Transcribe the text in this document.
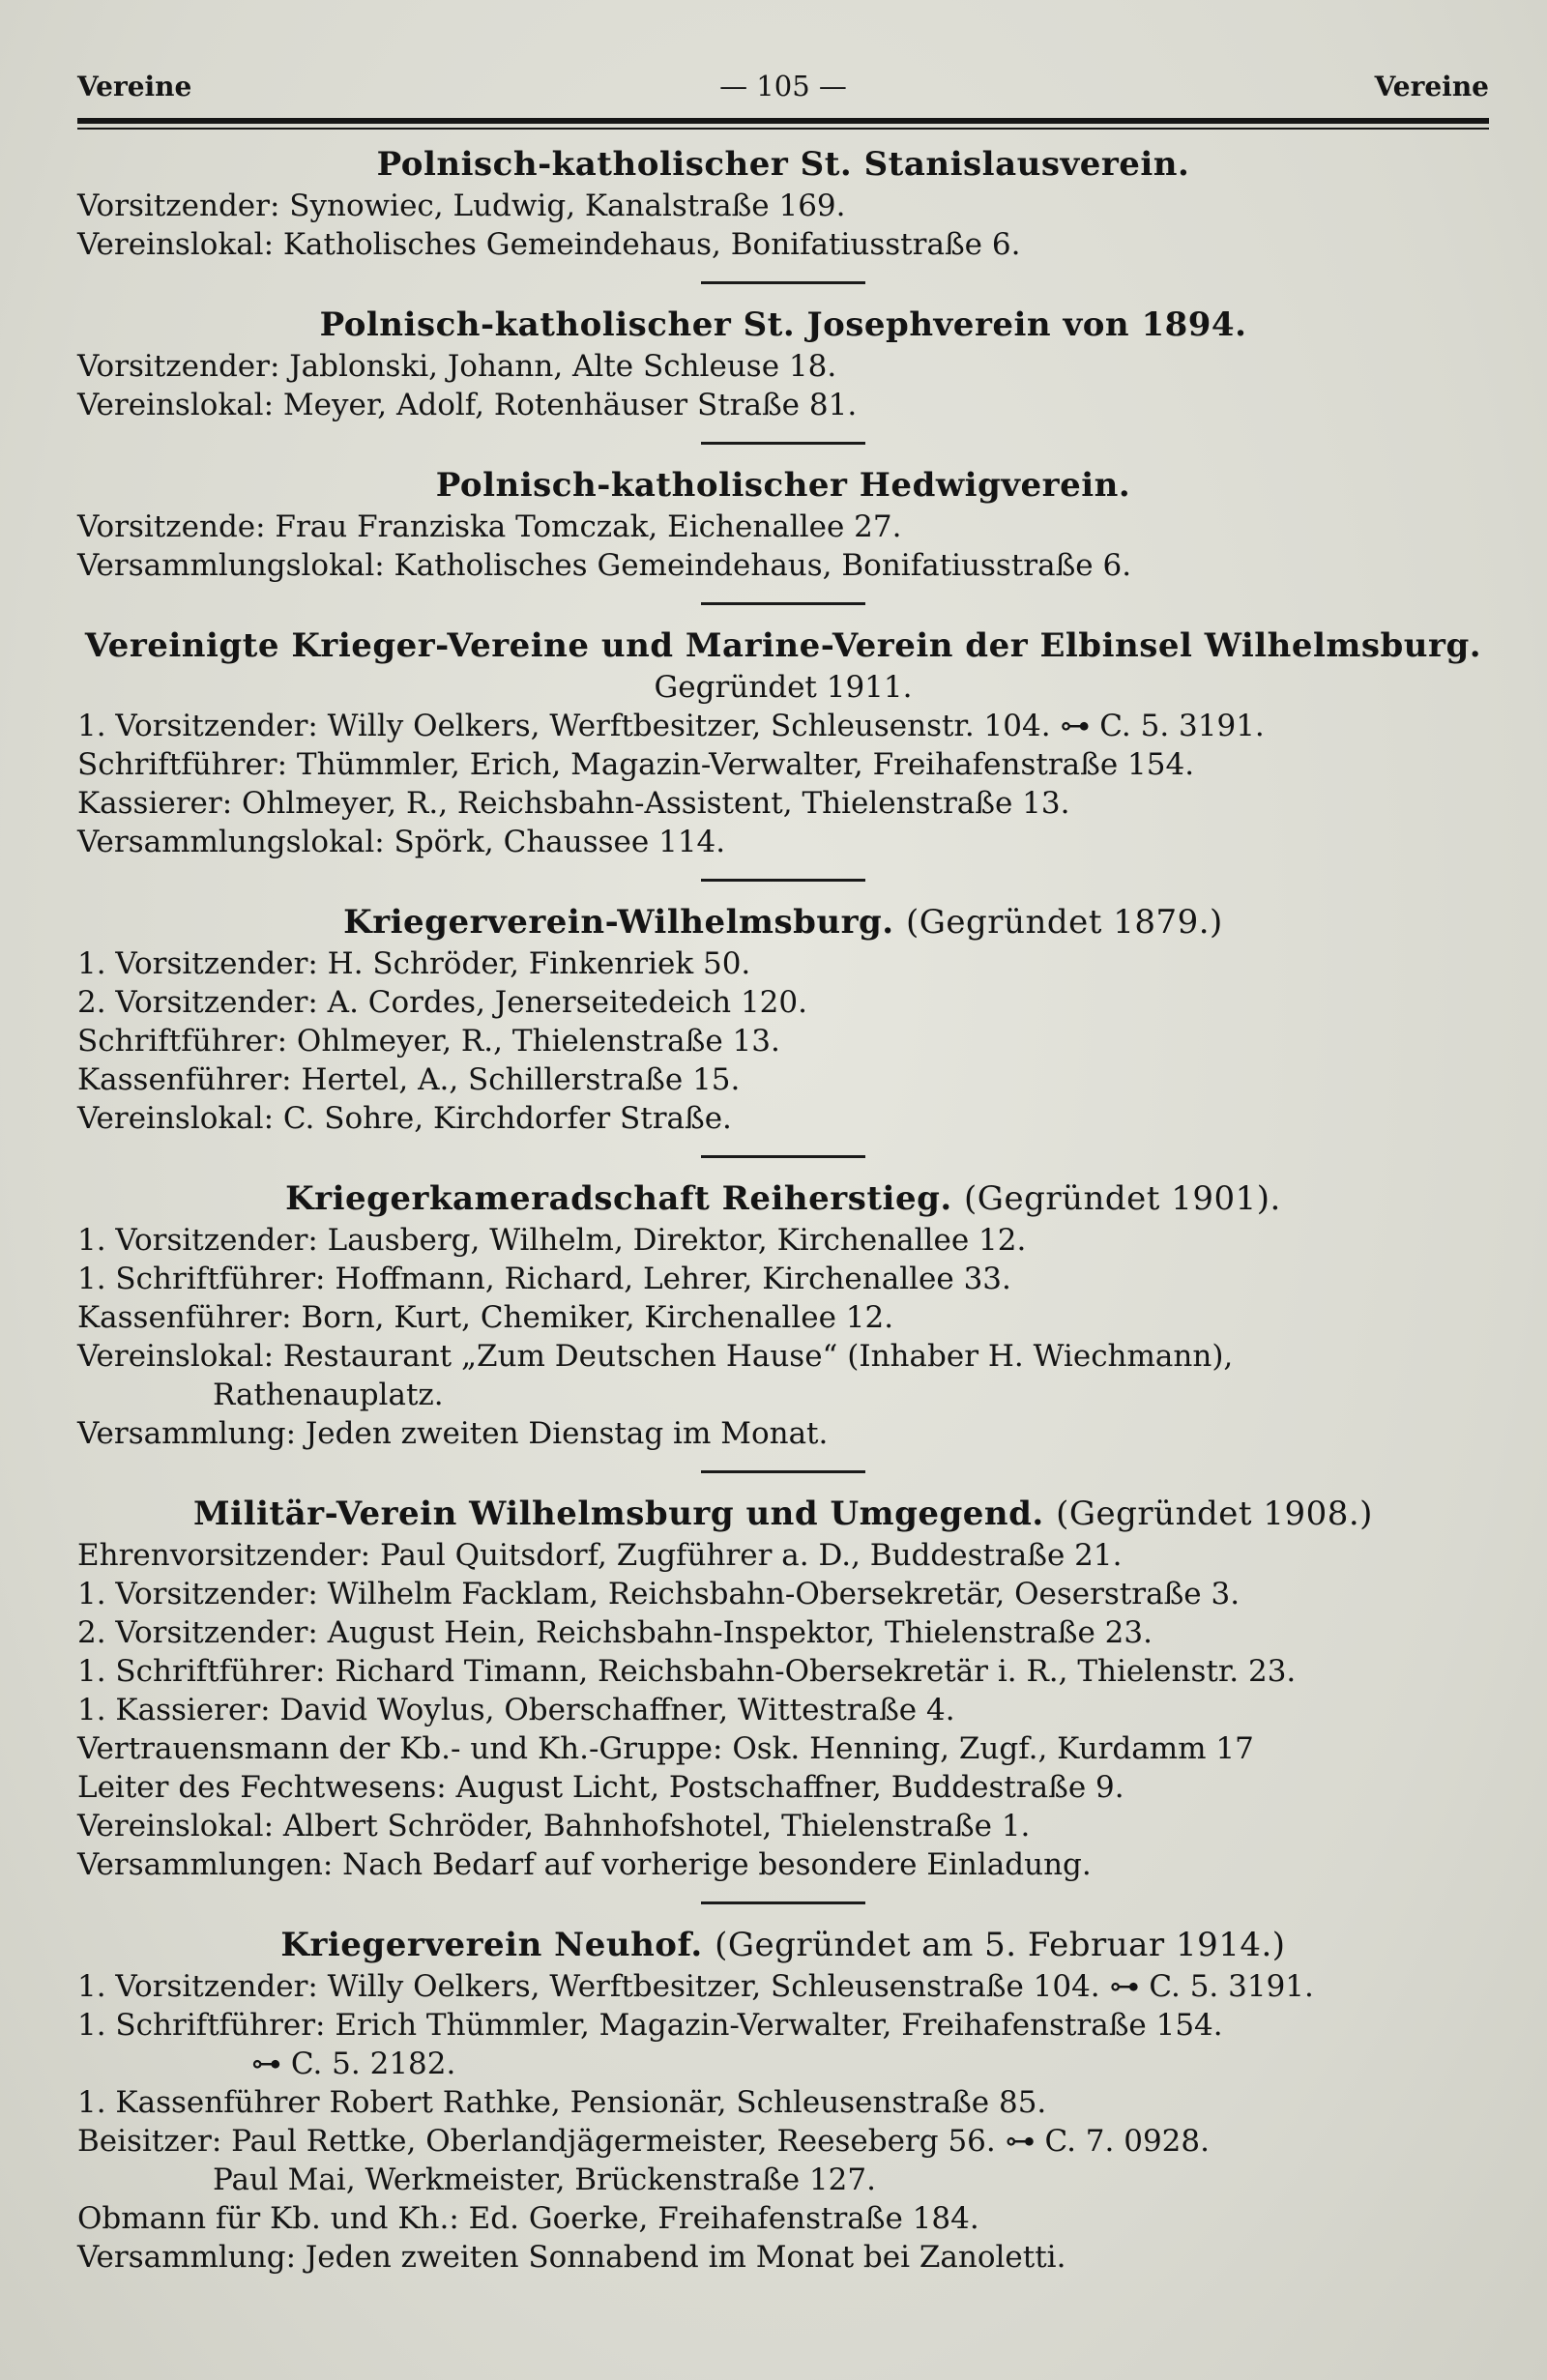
Vereine	— 105 —	Vereine
Polnisch-katholischer St. Stanislausverein.
Vorsitzender: Synowiec, Ludwig, Kanalstraße 169.
Vereinslokal: Katholisches Gemeindehaus, Bonifatiusstraße 6.
Polnisch-katholischer St. Josephverein von 1894.
Vorsitzender: Jablonski, Johann, Alte Schleuse 18.
Vereinslokal: Meyer, Adolf, Rotenhäuser Straße 81.
Polnisch-katholischer Hedwigverein.
Vorsitzende: Frau Franziska Tomczak, Eichenallee 27.
Versammlungslokal: Katholisches Gemeindehaus, Bonifatiusstraße 6.
Vereinigte Krieger-Vereine und Marine-Verein der Elbinsel Wilhelmsburg.
Gegründet 1911.
1. Vorsitzender: Willy Oelkers, Werftbesitzer, Schleusenstr. 104. ⊶ C. 5. 3191.
Schriftführer: Thümmler, Erich, Magazin-Verwalter, Freihafenstraße 154.
Kassierer: Ohlmeyer, R., Reichsbahn-Assistent, Thielenstraße 13.
Versammlungslokal: Spörk, Chaussee 114.
Kriegerverein-Wilhelmsburg. (Gegründet 1879.)
1. Vorsitzender: H. Schröder, Finkenriek 50.
2. Vorsitzender: A. Cordes, Jenerseitedeich 120.
Schriftführer: Ohlmeyer, R., Thielenstraße 13.
Kassenführer: Hertel, A., Schillerstraße 15.
Vereinslokal: C. Sohre, Kirchdorfer Straße.
Kriegerkameradschaft Reiherstieg. (Gegründet 1901).
1. Vorsitzender: Lausberg, Wilhelm, Direktor, Kirchenallee 12.
1. Schriftführer: Hoffmann, Richard, Lehrer, Kirchenallee 33.
Kassenführer: Born, Kurt, Chemiker, Kirchenallee 12.
Vereinslokal: Restaurant „Zum Deutschen Hause“ (Inhaber H. Wiechmann),
Rathenauplatz.
Versammlung: Jeden zweiten Dienstag im Monat.
Militär-Verein Wilhelmsburg und Umgegend. (Gegründet 1908.)
Ehrenvorsitzender: Paul Quitsdorf, Zugführer a. D., Buddestraße 21.
1. Vorsitzender: Wilhelm Facklam, Reichsbahn-Obersekretär, Oeserstraße 3.
2. Vorsitzender: August Hein, Reichsbahn-Inspektor, Thielenstraße 23.
1. Schriftführer: Richard Timann, Reichsbahn-Obersekretär i. R., Thielenstr. 23.
1. Kassierer: David Woylus, Oberschaffner, Wittestraße 4.
Vertrauensmann der Kb.- und Kh.-Gruppe: Osk. Henning, Zugf., Kurdamm 17
Leiter des Fechtwesens: August Licht, Postschaffner, Buddestraße 9.
Vereinslokal: Albert Schröder, Bahnhofshotel, Thielenstraße 1.
Versammlungen: Nach Bedarf auf vorherige besondere Einladung.
Kriegerverein Neuhof. (Gegründet am 5. Februar 1914.)
1. Vorsitzender: Willy Oelkers, Werftbesitzer, Schleusenstraße 104. ⊶ C. 5. 3191.
1. Schriftführer: Erich Thümmler, Magazin-Verwalter, Freihafenstraße 154.
⊶ C. 5. 2182.
1. Kassenführer Robert Rathke, Pensionär, Schleusenstraße 85.
Beisitzer: Paul Rettke, Oberlandjägermeister, Reeseberg 56. ⊶ C. 7. 0928.
Paul Mai, Werkmeister, Brückenstraße 127.
Obmann für Kb. und Kh.: Ed. Goerke, Freihafenstraße 184.
Versammlung: Jeden zweiten Sonnabend im Monat bei Zanoletti.
